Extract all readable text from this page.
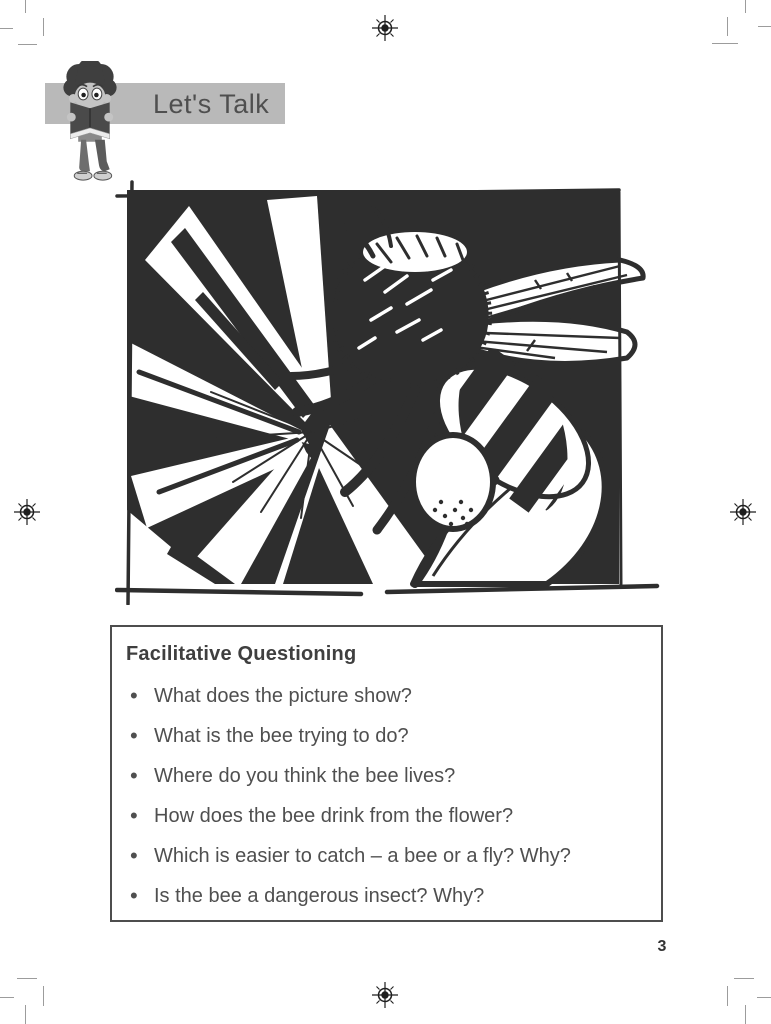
Let's Talk
Facilitative Questioning
• What does the picture show?
• What is the bee trying to do?
• Where do you think the bee lives?
• How does the bee drink from the flower?
• Which is easier to catch – a bee or a fly? Why?
• Is the bee a dangerous insect? Why?
3
